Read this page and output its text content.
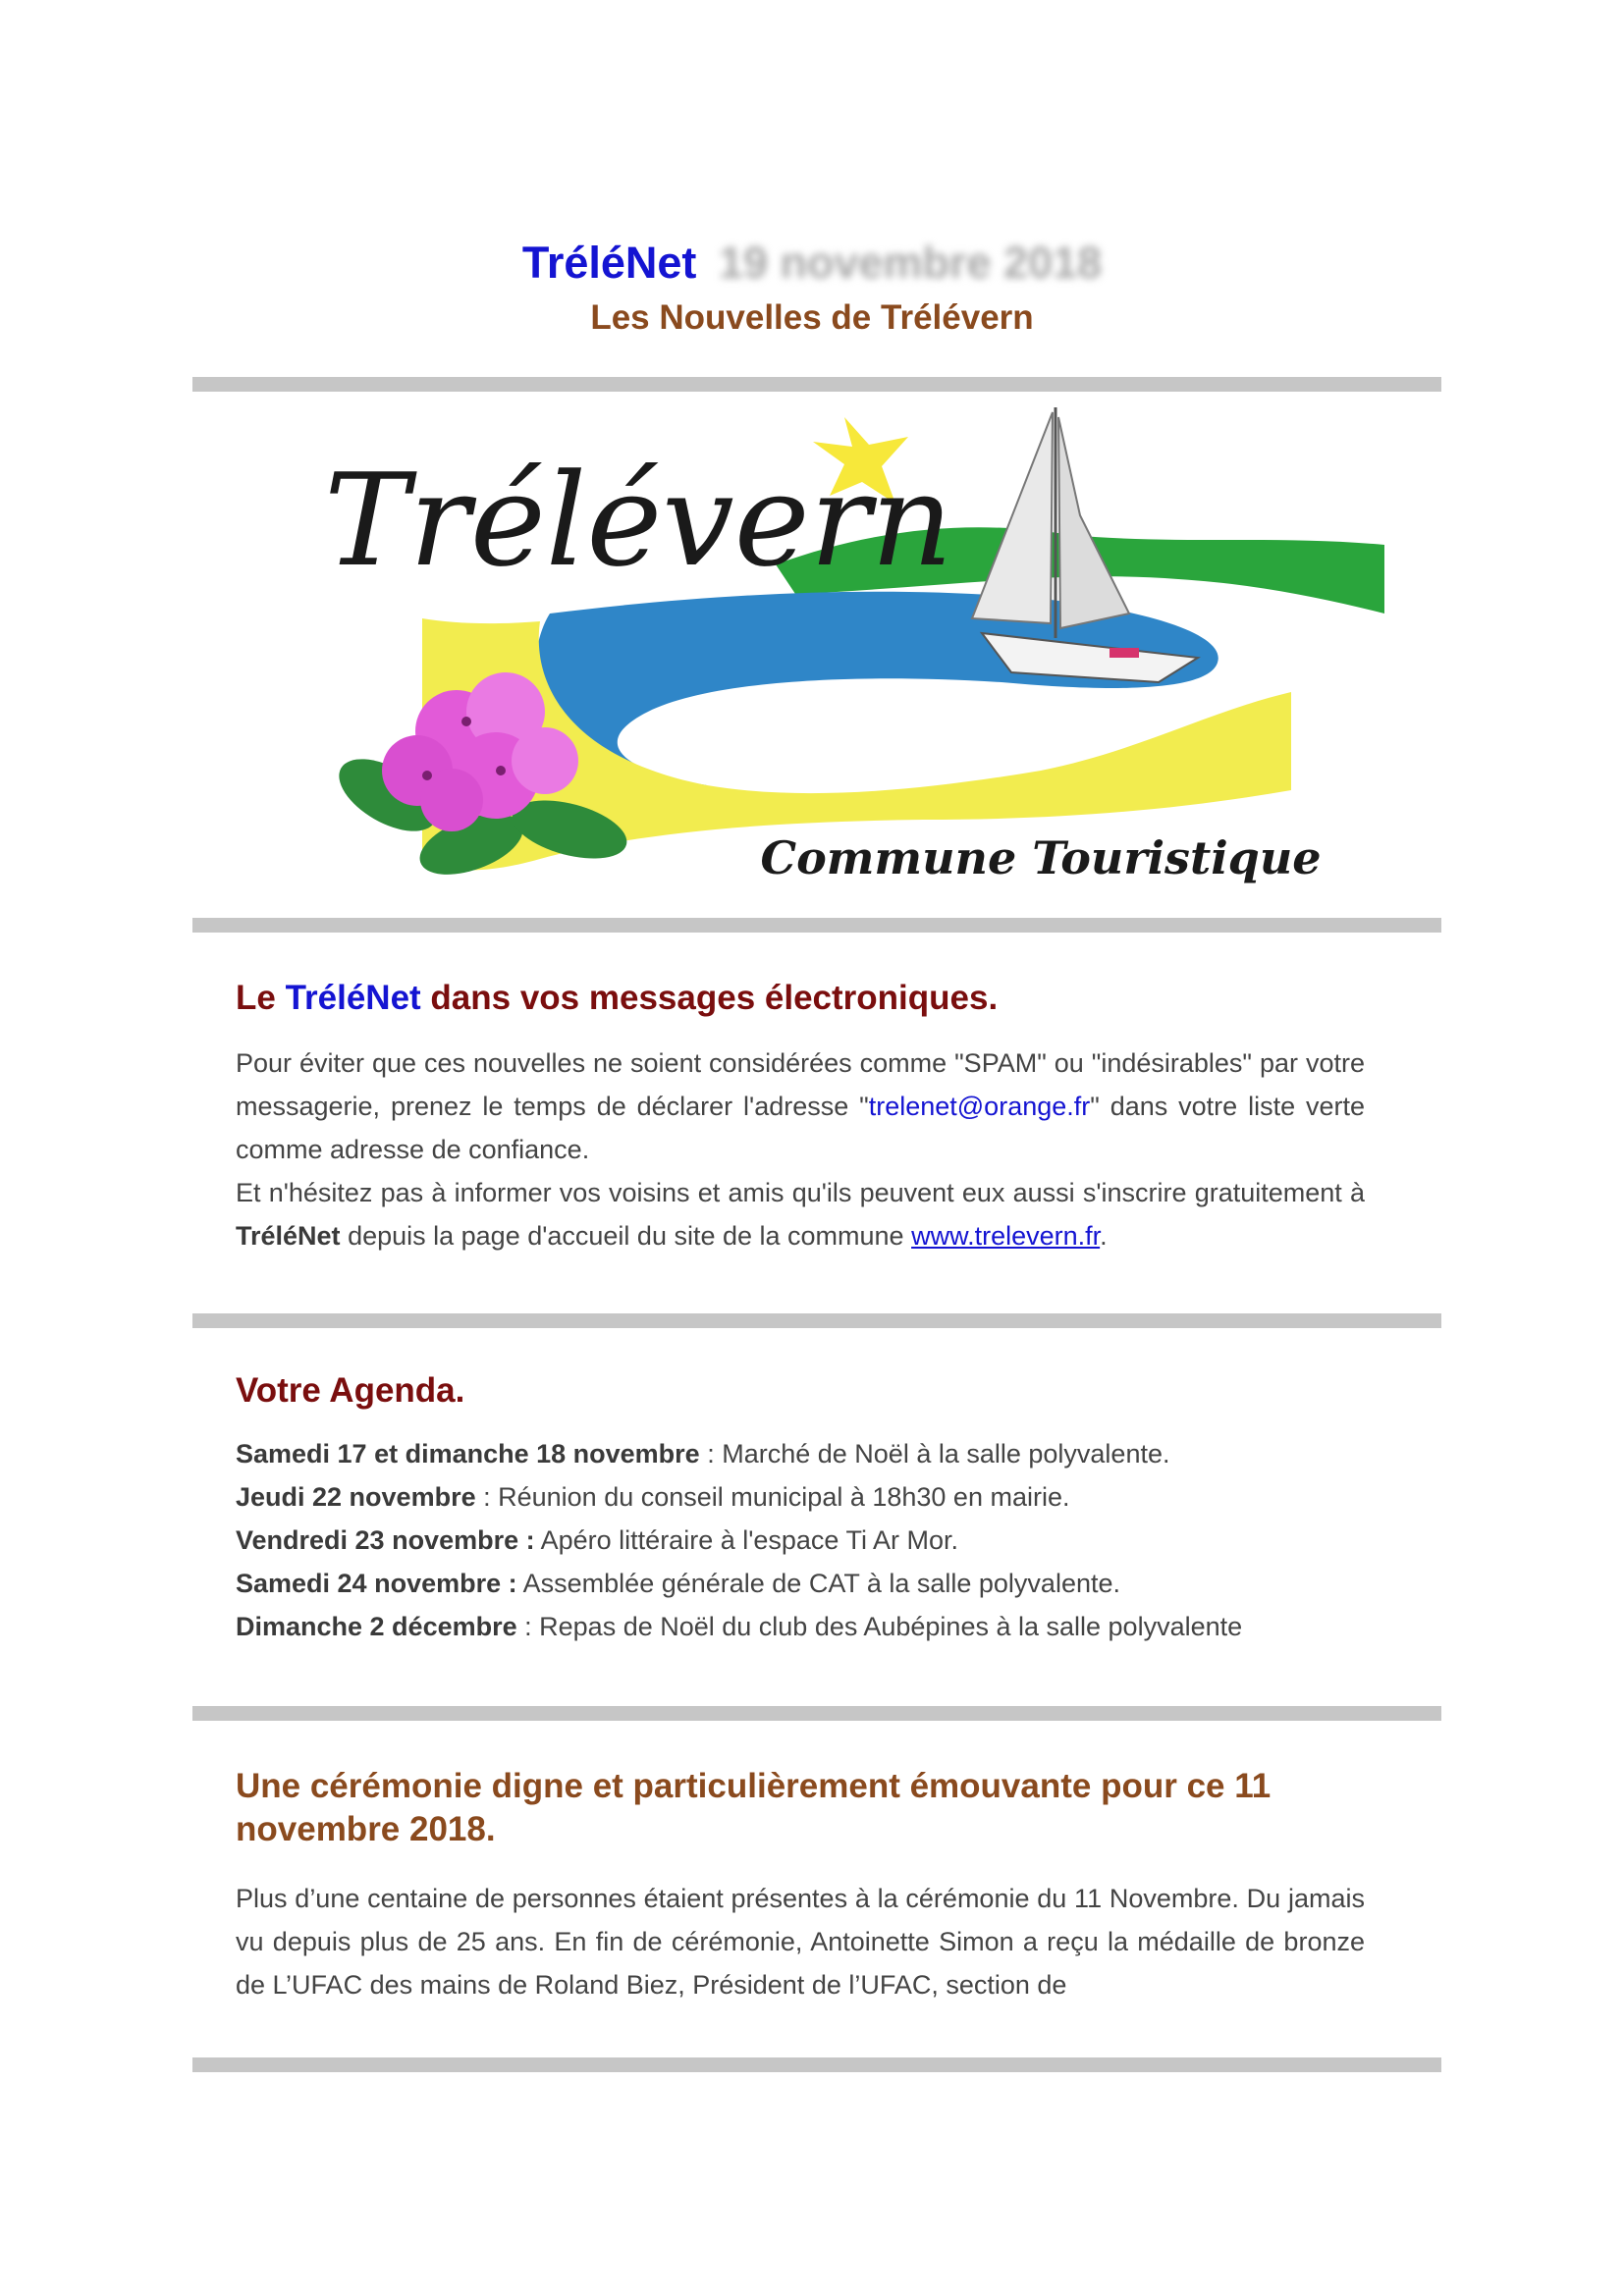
TréléNet 19 novembre 2018
Les Nouvelles de Trélévern
Trélévern
Commune Touristique
Le TréléNet dans vos messages électroniques.
Pour éviter que ces nouvelles ne soient considérées comme "SPAM" ou "indésirables" par votre messagerie, prenez le temps de déclarer l'adresse "trelenet@orange.fr" dans votre liste verte comme adresse de confiance.
Et n'hésitez pas à informer vos voisins et amis qu'ils peuvent eux aussi s'inscrire gratuitement à TréléNet depuis la page d'accueil du site de la commune www.trelevern.fr.
Votre Agenda.
Samedi 17 et dimanche 18 novembre : Marché de Noël à la salle polyvalente.
Jeudi 22 novembre : Réunion du conseil municipal à 18h30 en mairie.
Vendredi 23 novembre : Apéro littéraire à l'espace Ti Ar Mor.
Samedi 24 novembre : Assemblée générale de CAT à la salle polyvalente.
Dimanche 2 décembre : Repas de Noël du club des Aubépines à la salle polyvalente
Une cérémonie digne et particulièrement émouvante pour ce 11 novembre 2018.
Plus d’une centaine de personnes étaient présentes à la cérémonie du 11 Novembre. Du jamais vu depuis plus de 25 ans. En fin de cérémonie, Antoinette Simon a reçu la médaille de bronze de L’UFAC des mains de Roland Biez, Président de l’UFAC, section de
